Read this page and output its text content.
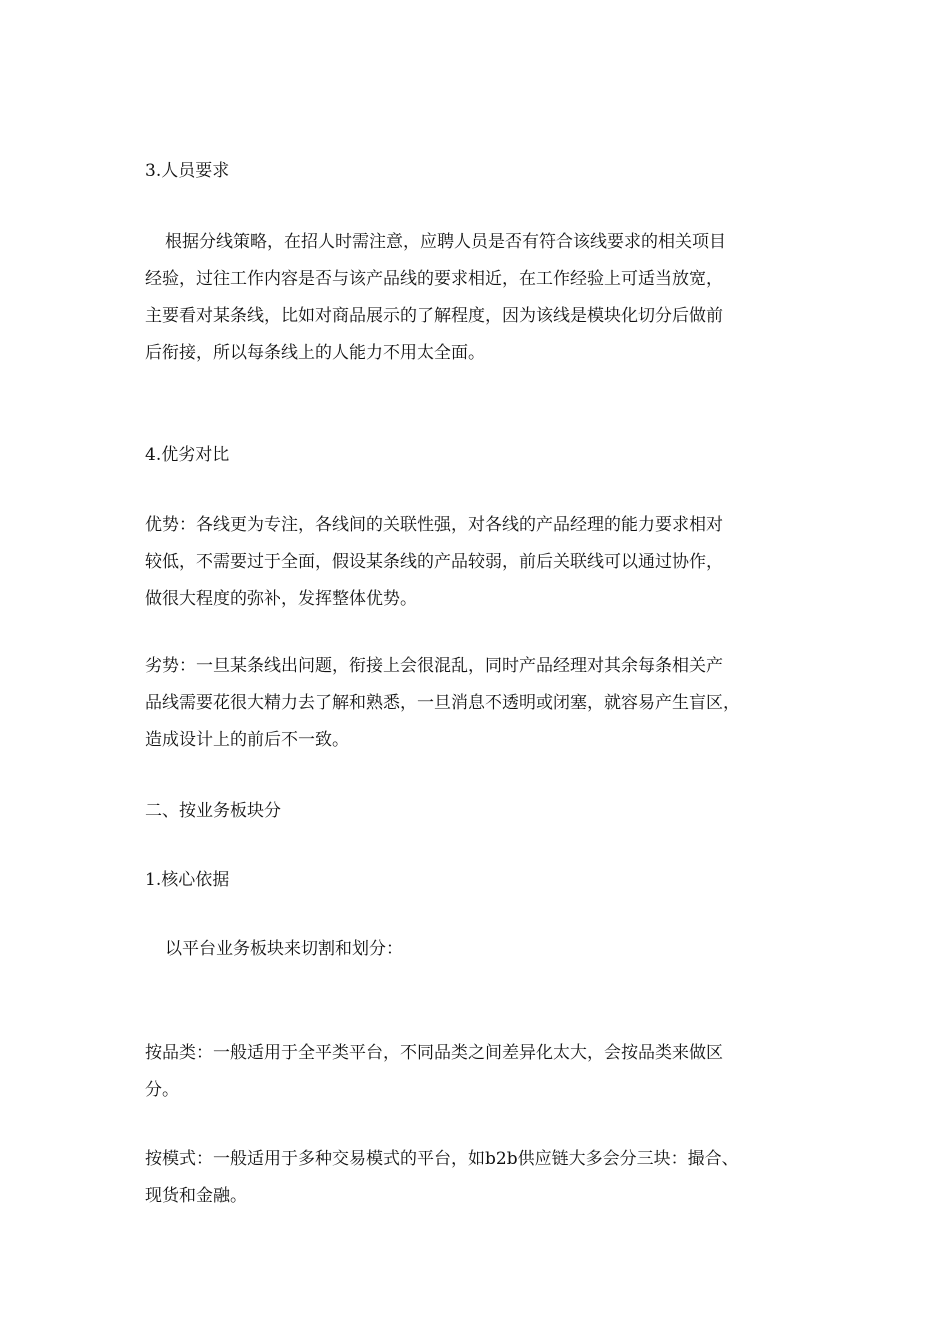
3.人员要求

根据分线策略，在招人时需注意，应聘人员是否有符合该线要求的相关项目
经验，过往工作内容是否与该产品线的要求相近，在工作经验上可适当放宽，
主要看对某条线，比如对商品展示的了解程度，因为该线是模块化切分后做前
后衔接，所以每条线上的人能力不用太全面。

4.优劣对比

优势：各线更为专注，各线间的关联性强，对各线的产品经理的能力要求相对
较低，不需要过于全面，假设某条线的产品较弱，前后关联线可以通过协作，
做很大程度的弥补，发挥整体优势。

劣势：一旦某条线出问题，衔接上会很混乱，同时产品经理对其余每条相关产
品线需要花很大精力去了解和熟悉，一旦消息不透明或闭塞，就容易产生盲区，
造成设计上的前后不一致。

二、按业务板块分

1.核心依据

以平台业务板块来切割和划分：

按品类：一般适用于全平类平台，不同品类之间差异化太大，会按品类来做区
分。

按模式：一般适用于多种交易模式的平台，如b2b供应链大多会分三块：撮合、
现货和金融。
